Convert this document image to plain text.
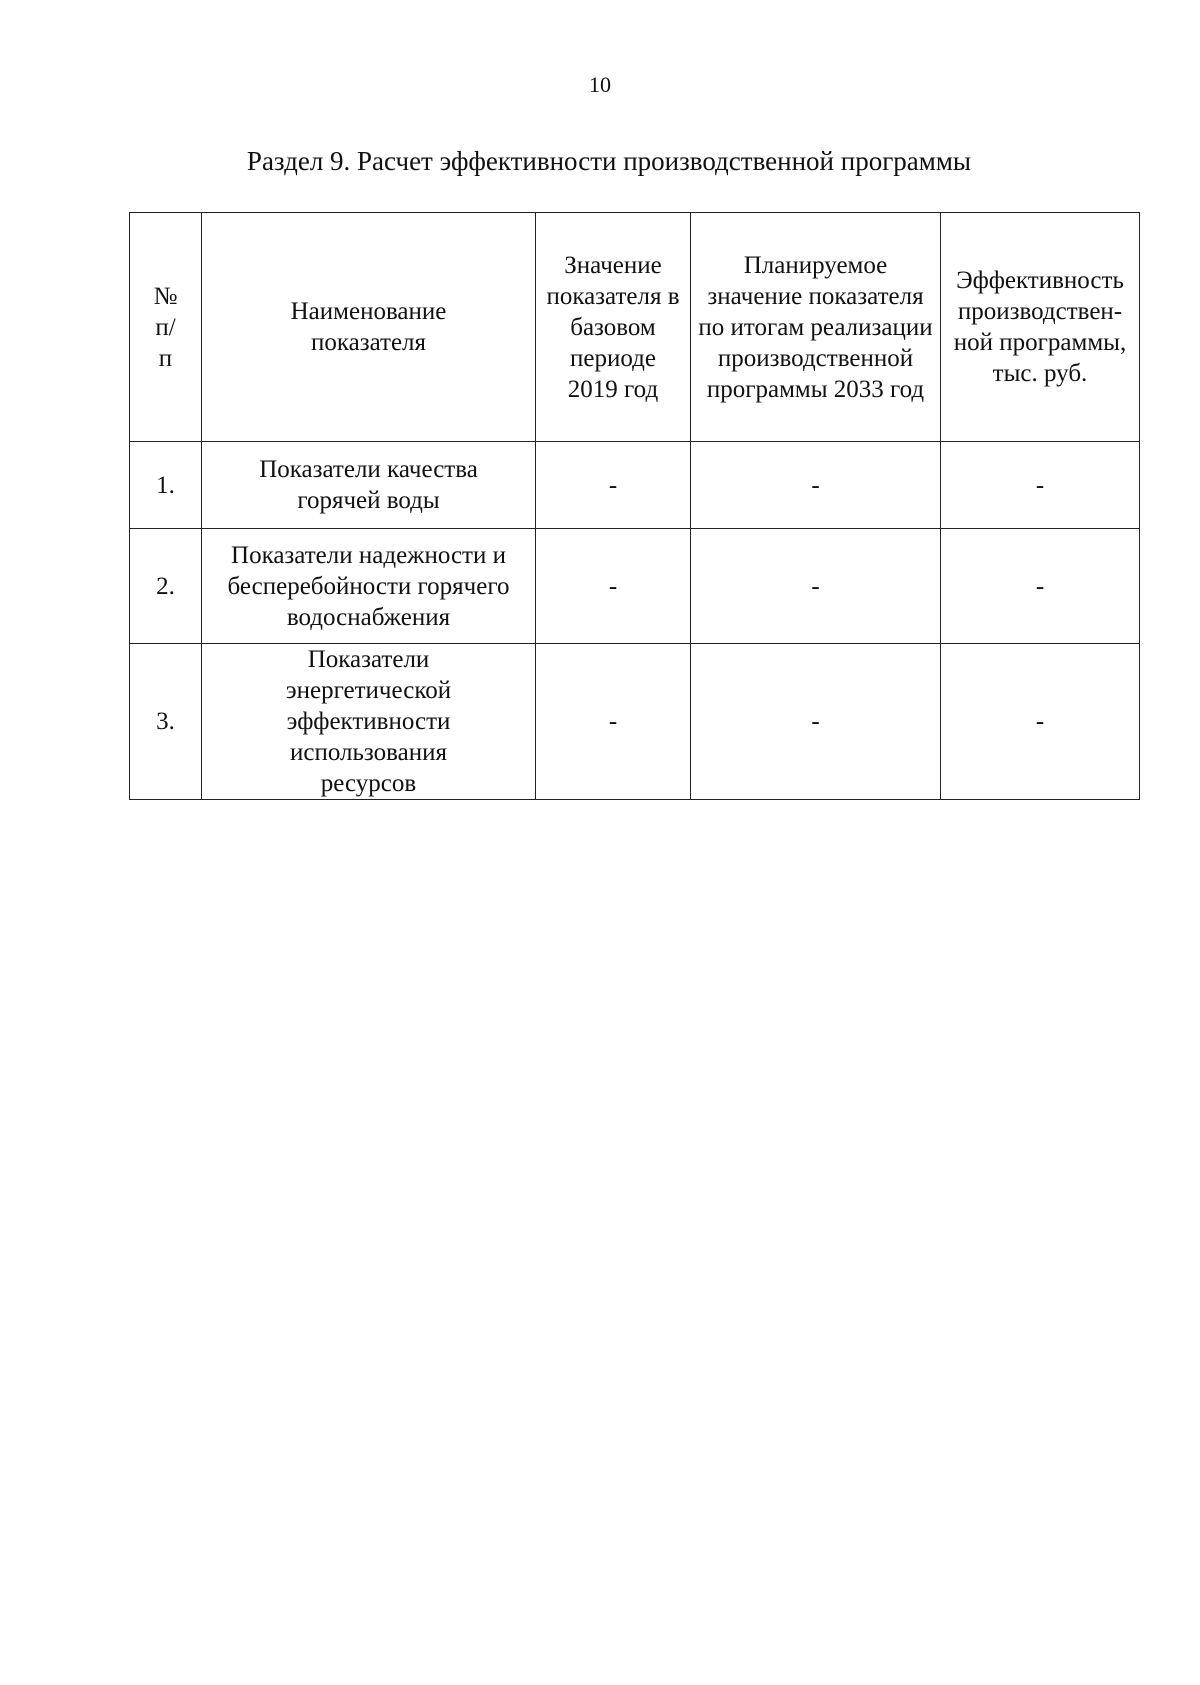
10
Раздел 9. Расчет эффективности производственной программы
№ п/п	Наименование показателя	Значение показателя в базовом периоде 2019 год	Планируемое значение показателя по итогам реализации производственной программы 2033 год	Эффективность производствен-ной программы, тыс. руб.

1.	Показатели качества горячей воды	-	-	-
2.	Показатели надежности и бесперебойности горячего водоснабжения	-	-	-
3.	Показатели энергетической эффективности использования ресурсов	-	-	-
